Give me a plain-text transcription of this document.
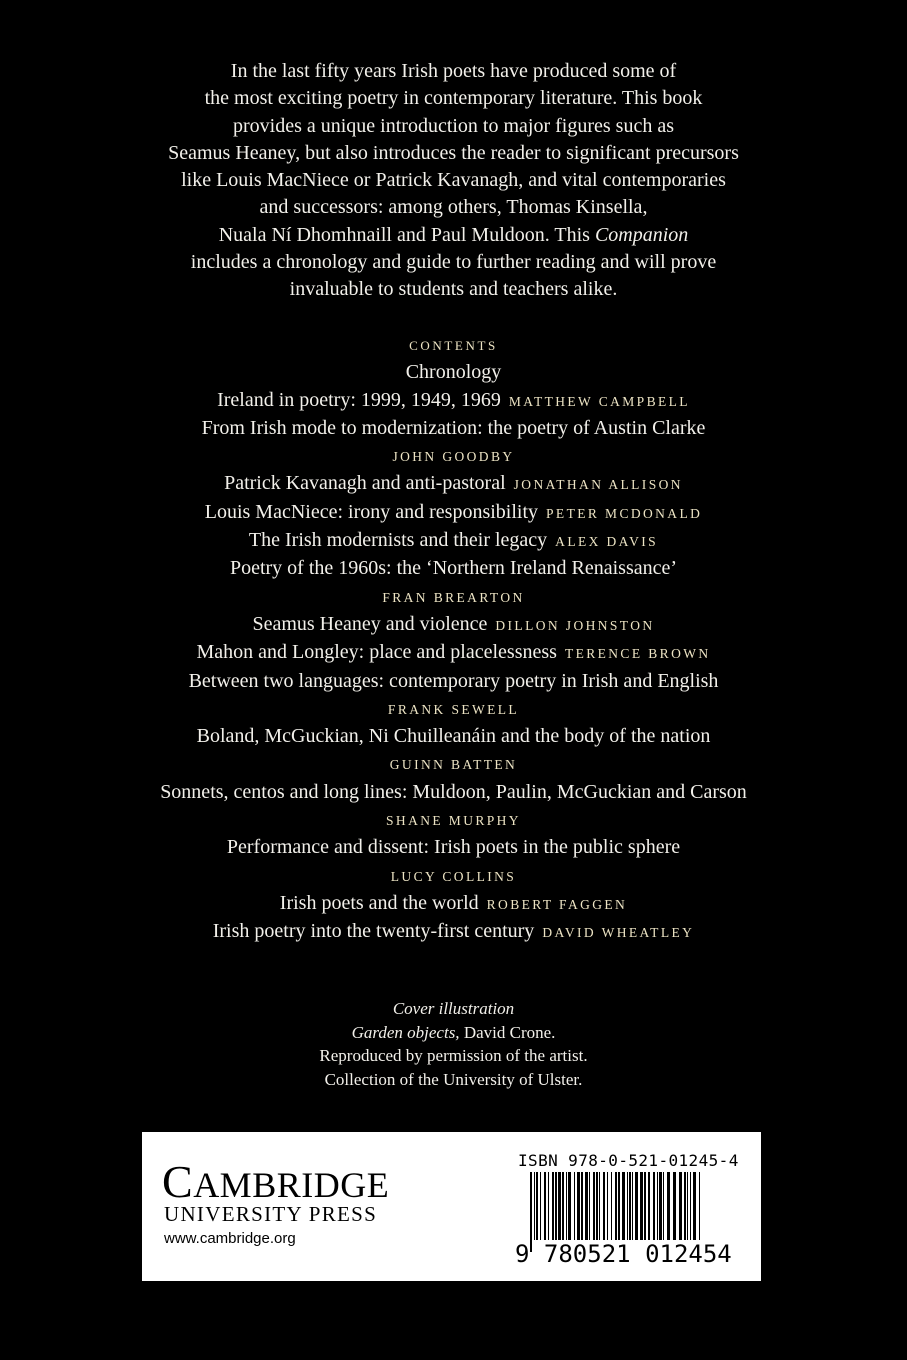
In the last fifty years Irish poets have produced some of
the most exciting poetry in contemporary literature. This book
provides a unique introduction to major figures such as
Seamus Heaney, but also introduces the reader to significant precursors
like Louis MacNiece or Patrick Kavanagh, and vital contemporaries
and successors: among others, Thomas Kinsella,
Nuala Ní Dhomhnaill and Paul Muldoon. This Companion
includes a chronology and guide to further reading and will prove
invaluable to students and teachers alike.
CONTENTS
Chronology
Ireland in poetry: 1999, 1949, 1969 MATTHEW CAMPBELL
From Irish mode to modernization: the poetry of Austin Clarke
JOHN GOODBY
Patrick Kavanagh and anti-pastoral JONATHAN ALLISON
Louis MacNiece: irony and responsibility PETER MCDONALD
The Irish modernists and their legacy ALEX DAVIS
Poetry of the 1960s: the ‘Northern Ireland Renaissance’
FRAN BREARTON
Seamus Heaney and violence DILLON JOHNSTON
Mahon and Longley: place and placelessness TERENCE BROWN
Between two languages: contemporary poetry in Irish and English
FRANK SEWELL
Boland, McGuckian, Ni Chuilleanáin and the body of the nation
GUINN BATTEN
Sonnets, centos and long lines: Muldoon, Paulin, McGuckian and Carson
SHANE MURPHY
Performance and dissent: Irish poets in the public sphere
LUCY COLLINS
Irish poets and the world ROBERT FAGGEN
Irish poetry into the twenty-first century DAVID WHEATLEY
Cover illustration
Garden objects, David Crone.
Reproduced by permission of the artist.
Collection of the University of Ulster.
CAMBRIDGE
UNIVERSITY PRESS
www.cambridge.org
ISBN 978-0-521-01245-4
9 780521 012454
